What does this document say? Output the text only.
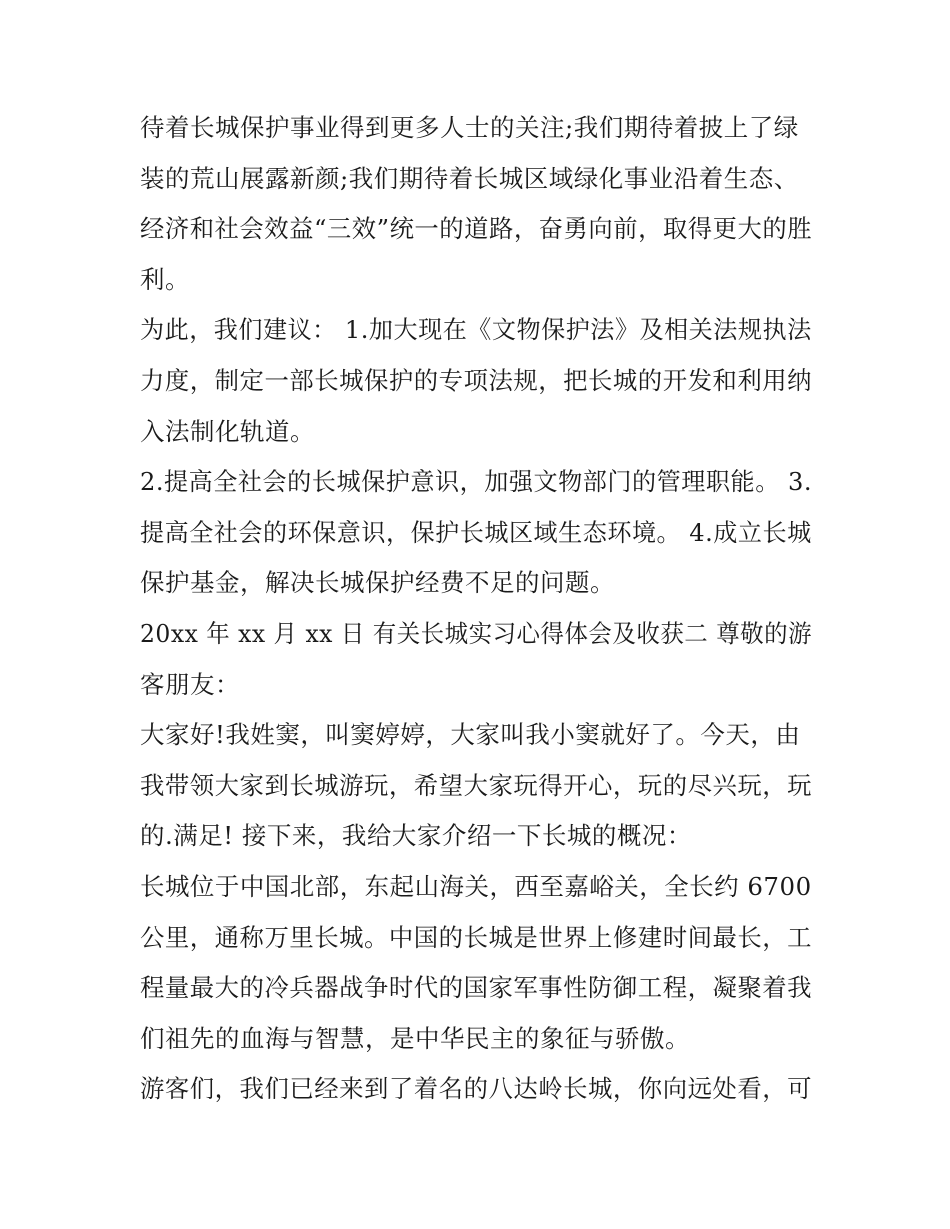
待着长城保护事业得到更多人士的关注;我们期待着披上了绿
装的荒山展露新颜;我们期待着长城区域绿化事业沿着生态、
经济和社会效益“三效”统一的道路，奋勇向前，取得更大的胜
利。
为此，我们建议： 1.加大现在《文物保护法》及相关法规执法
力度，制定一部长城保护的专项法规，把长城的开发和利用纳
入法制化轨道。
2.提高全社会的长城保护意识，加强文物部门的管理职能。 3.
提高全社会的环保意识，保护长城区域生态环境。 4.成立长城
保护基金，解决长城保护经费不足的问题。
20xx 年 xx 月 xx 日 有关长城实习心得体会及收获二 尊敬的游
客朋友：
大家好!我姓窦，叫窦婷婷，大家叫我小窦就好了。今天，由
我带领大家到长城游玩，希望大家玩得开心，玩的尽兴玩，玩
的.满足! 接下来，我给大家介绍一下长城的概况：
长城位于中国北部，东起山海关，西至嘉峪关，全长约 6700
公里，通称万里长城。中国的长城是世界上修建时间最长，工
程量最大的冷兵器战争时代的国家军事性防御工程，凝聚着我
们祖先的血海与智慧，是中华民主的象征与骄傲。
游客们，我们已经来到了着名的八达岭长城，你向远处看，可
